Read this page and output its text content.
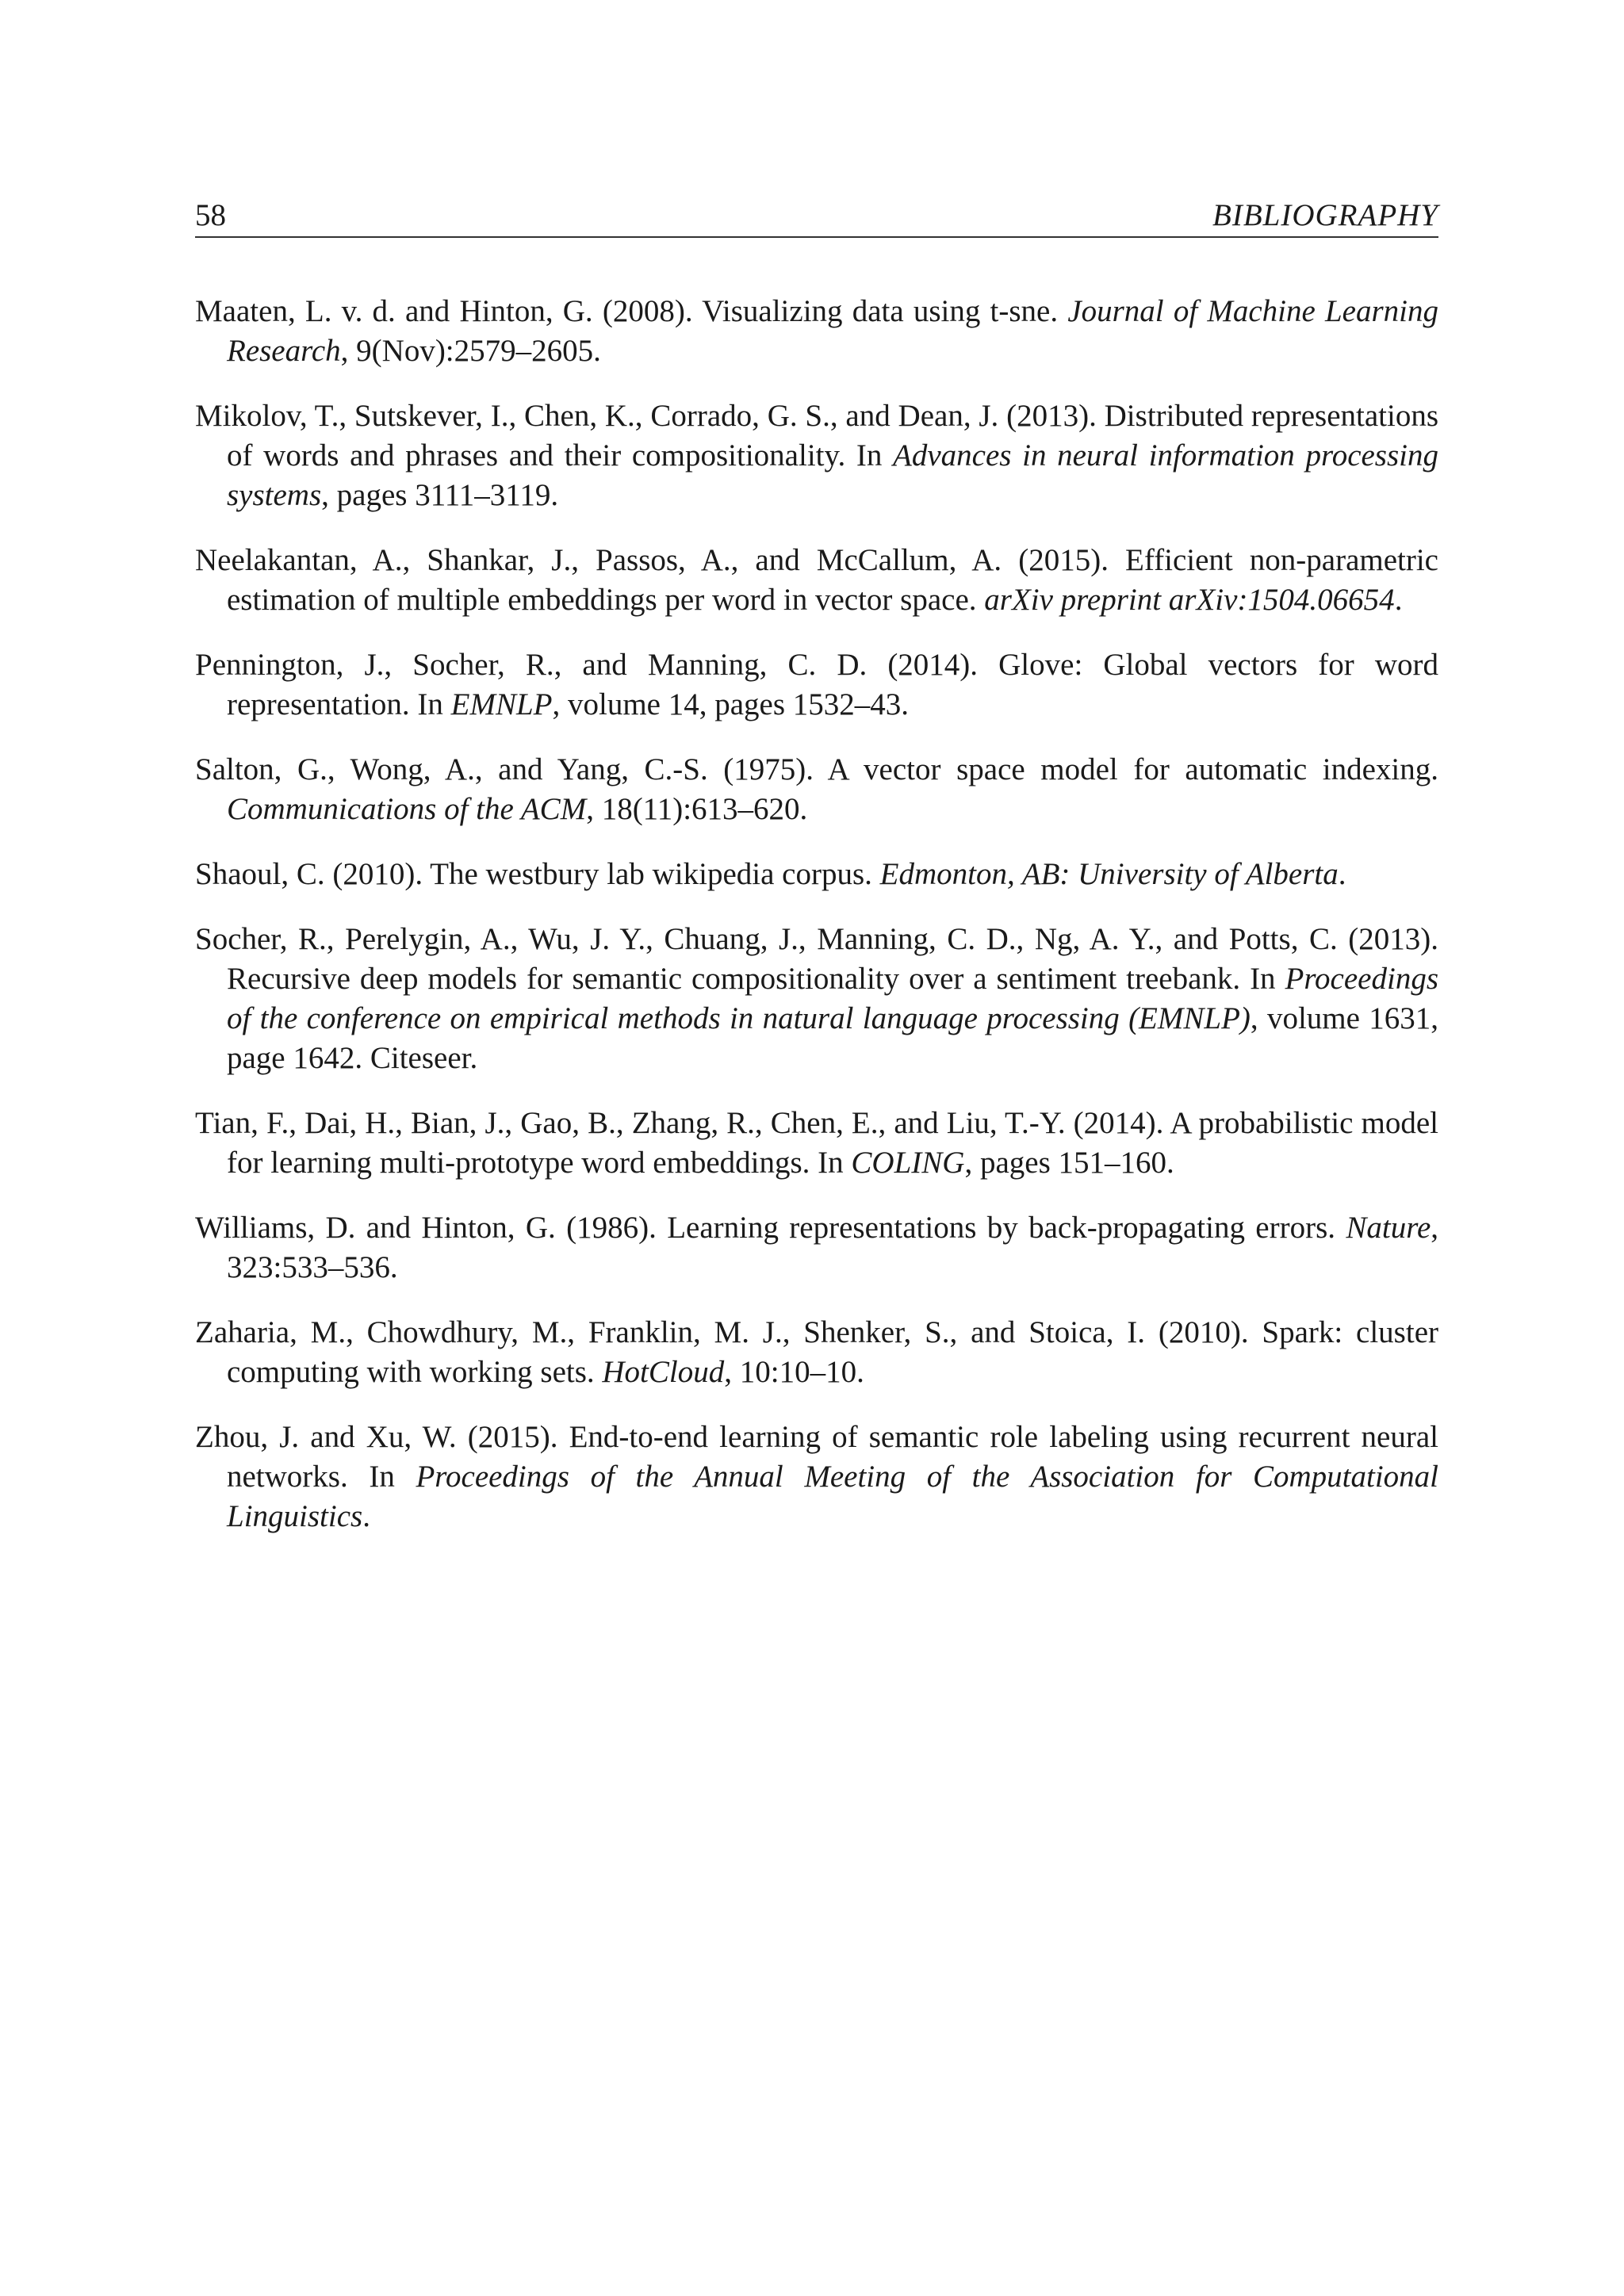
58	BIBLIOGRAPHY
Maaten, L. v. d. and Hinton, G. (2008). Visualizing data using t-sne. Journal of Machine Learning Research, 9(Nov):2579–2605.
Mikolov, T., Sutskever, I., Chen, K., Corrado, G. S., and Dean, J. (2013). Distributed representations of words and phrases and their compositionality. In Advances in neural information processing systems, pages 3111–3119.
Neelakantan, A., Shankar, J., Passos, A., and McCallum, A. (2015). Efficient non-parametric estimation of multiple embeddings per word in vector space. arXiv preprint arXiv:1504.06654.
Pennington, J., Socher, R., and Manning, C. D. (2014). Glove: Global vectors for word representation. In EMNLP, volume 14, pages 1532–43.
Salton, G., Wong, A., and Yang, C.-S. (1975). A vector space model for automatic indexing. Communications of the ACM, 18(11):613–620.
Shaoul, C. (2010). The westbury lab wikipedia corpus. Edmonton, AB: University of Alberta.
Socher, R., Perelygin, A., Wu, J. Y., Chuang, J., Manning, C. D., Ng, A. Y., and Potts, C. (2013). Recursive deep models for semantic compositionality over a sentiment treebank. In Proceedings of the conference on empirical methods in natural language processing (EMNLP), volume 1631, page 1642. Citeseer.
Tian, F., Dai, H., Bian, J., Gao, B., Zhang, R., Chen, E., and Liu, T.-Y. (2014). A probabilistic model for learning multi-prototype word embeddings. In COLING, pages 151–160.
Williams, D. and Hinton, G. (1986). Learning representations by back-propagating errors. Nature, 323:533–536.
Zaharia, M., Chowdhury, M., Franklin, M. J., Shenker, S., and Stoica, I. (2010). Spark: cluster computing with working sets. HotCloud, 10:10–10.
Zhou, J. and Xu, W. (2015). End-to-end learning of semantic role labeling using recurrent neural networks. In Proceedings of the Annual Meeting of the Association for Computational Linguistics.
